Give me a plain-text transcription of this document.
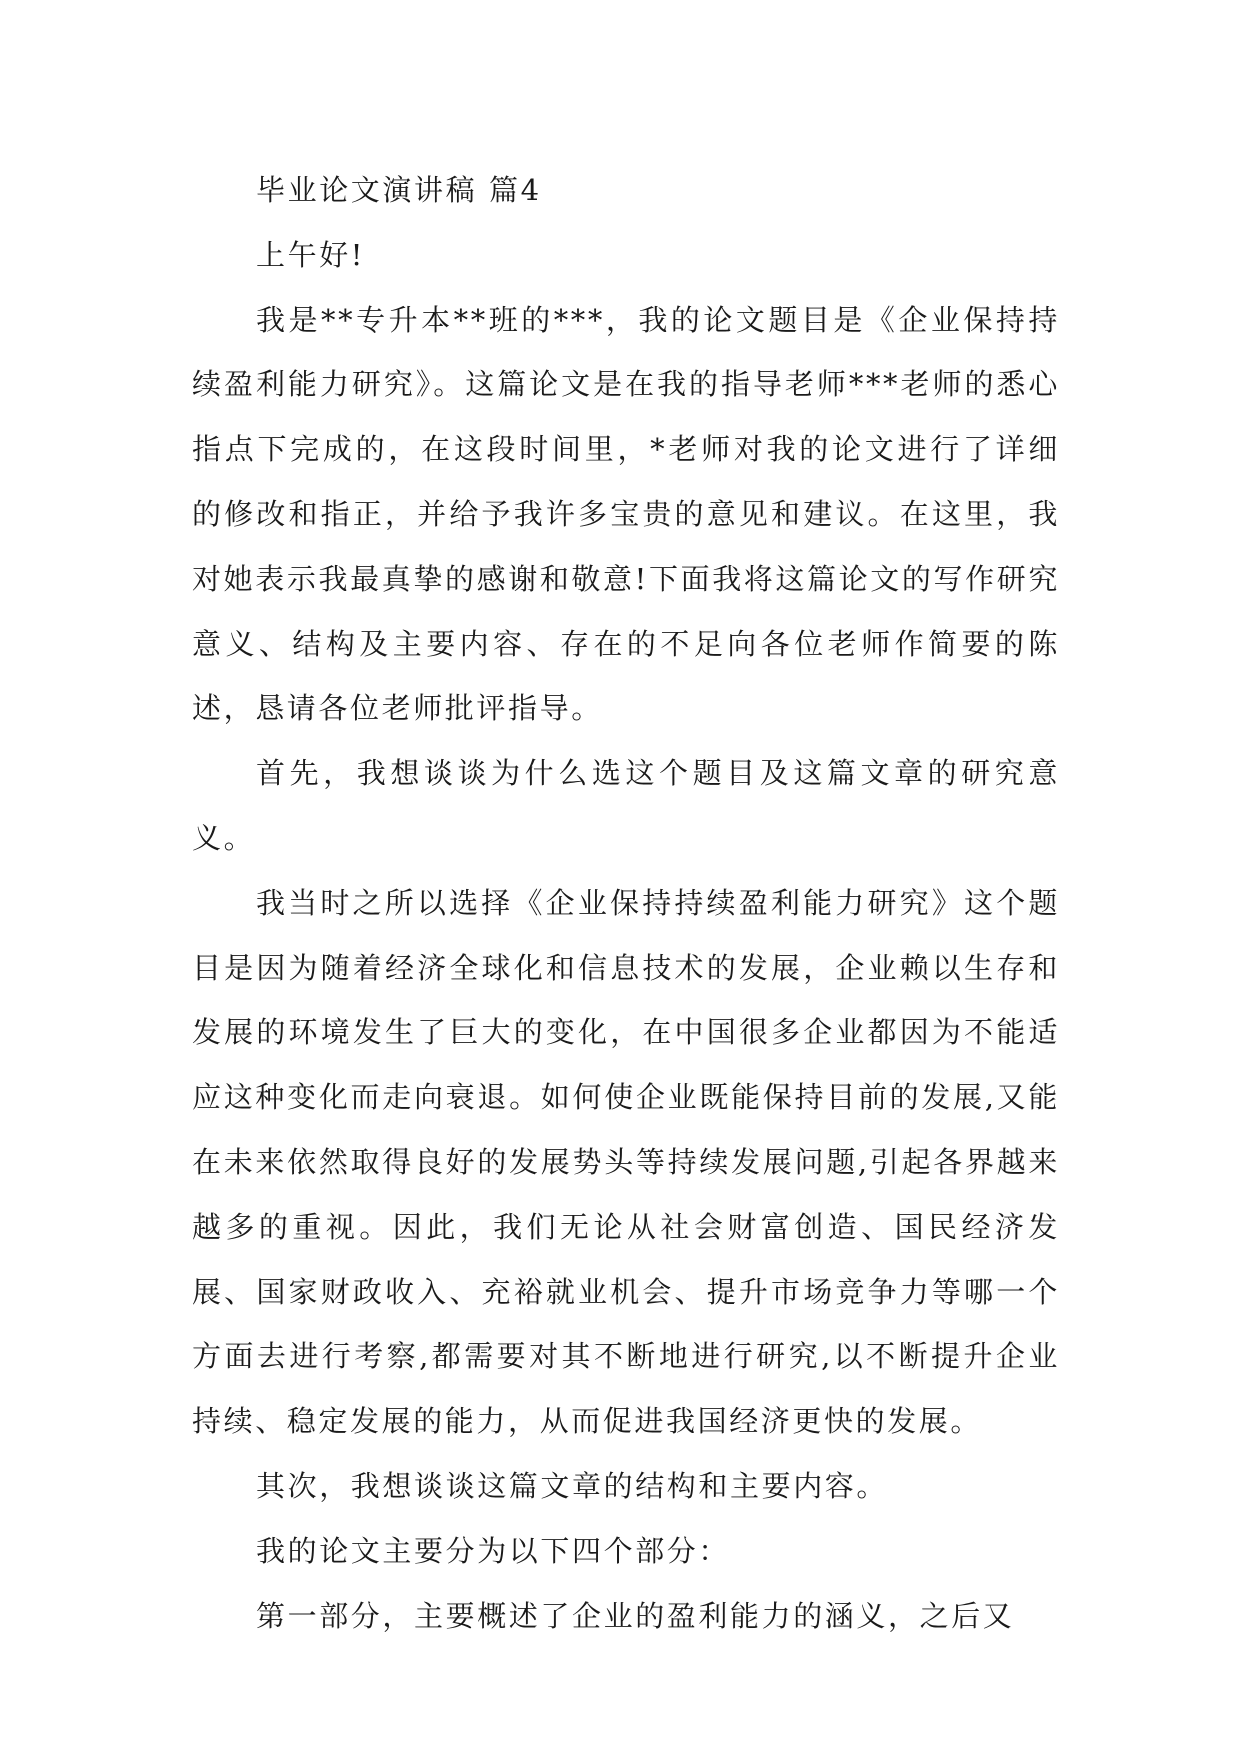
毕业论文演讲稿 篇4

上午好!

我是**专升本**班的***，我的论文题目是《企业保持持续盈利能力研究》。这篇论文是在我的指导老师***老师的悉心指点下完成的，在这段时间里，*老师对我的论文进行了详细的修改和指正，并给予我许多宝贵的意见和建议。在这里，我对她表示我最真挚的感谢和敬意!下面我将这篇论文的写作研究意义、结构及主要内容、存在的不足向各位老师作简要的陈述，恳请各位老师批评指导。

首先，我想谈谈为什么选这个题目及这篇文章的研究意义。

我当时之所以选择《企业保持持续盈利能力研究》这个题目是因为随着经济全球化和信息技术的发展，企业赖以生存和发展的环境发生了巨大的变化，在中国很多企业都因为不能适应这种变化而走向衰退。如何使企业既能保持目前的发展,又能在未来依然取得良好的发展势头等持续发展问题,引起各界越来越多的重视。因此，我们无论从社会财富创造、国民经济发展、国家财政收入、充裕就业机会、提升市场竞争力等哪一个方面去进行考察,都需要对其不断地进行研究,以不断提升企业持续、稳定发展的能力，从而促进我国经济更快的发展。

其次，我想谈谈这篇文章的结构和主要内容。

我的论文主要分为以下四个部分：

第一部分，主要概述了企业的盈利能力的涵义，之后又
